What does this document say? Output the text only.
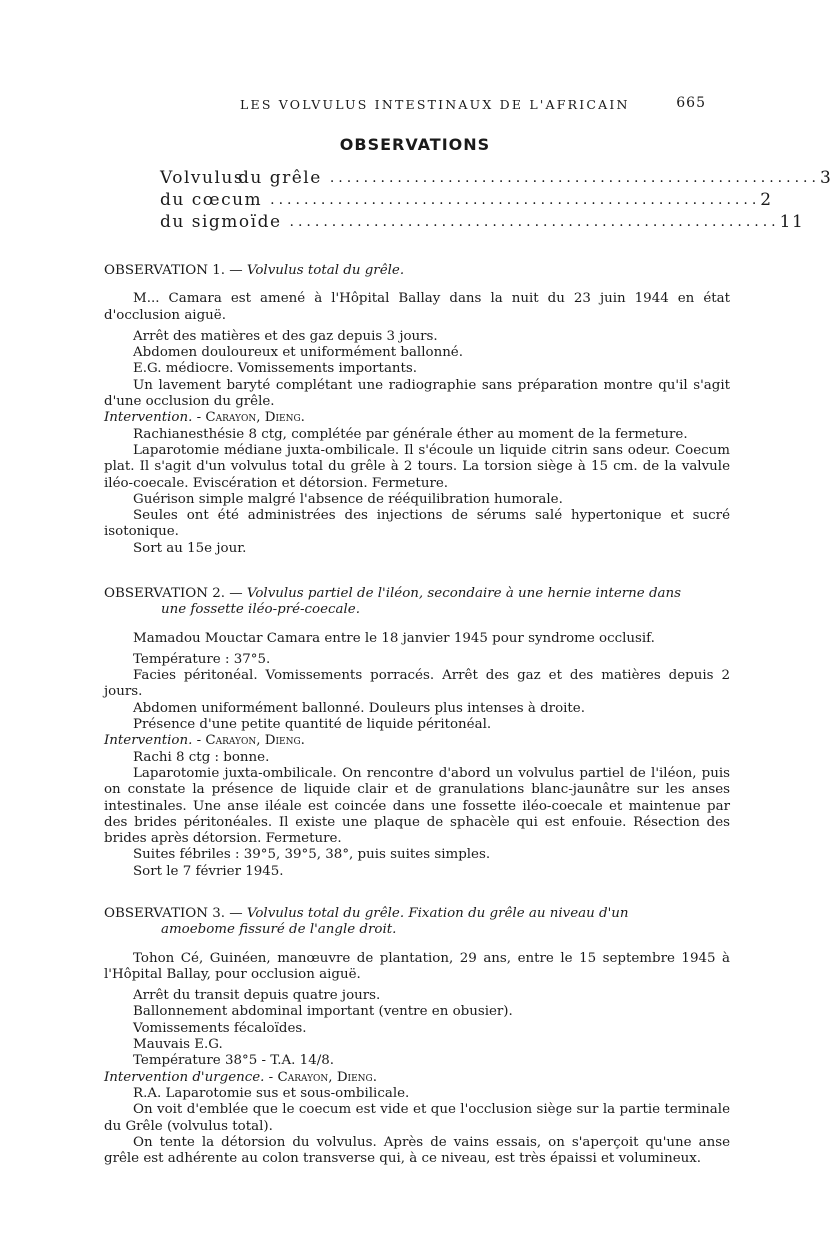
LES VOLVULUS INTESTINAUX DE L'AFRICAIN	665
OBSERVATIONS
Volvulus
du grêle .......................................................... 3
du cœcum .......................................................... 2
du sigmoïde .......................................................... 11

OBSERVATION 1. — Volvulus total du grêle.

M... Camara est amené à l'Hôpital Ballay dans la nuit du 23 juin 1944 en état d'occlusion aiguë.

Arrêt des matières et des gaz depuis 3 jours.

Abdomen douloureux et uniformément ballonné.

E.G. médiocre. Vomissements importants.

Un lavement baryté complétant une radiographie sans préparation montre qu'il s'agit d'une occlusion du grêle.

Intervention. - Carayon, Dieng.

Rachianesthésie 8 ctg, complétée par générale éther au moment de la fermeture.

Laparotomie médiane juxta-ombilicale. Il s'écoule un liquide citrin sans odeur. Coecum plat. Il s'agit d'un volvulus total du grêle à 2 tours. La torsion siège à 15 cm. de la valvule iléo-coecale. Eviscération et détorsion. Fermeture.

Guérison simple malgré l'absence de rééquilibration humorale.

Seules ont été administrées des injections de sérums salé hypertonique et sucré isotonique.

Sort au 15e jour.

OBSERVATION 2. — Volvulus partiel de l'iléon, secondaire à une hernie interne dans

une fossette iléo-pré-coecale.

Mamadou Mouctar Camara entre le 18 janvier 1945 pour syndrome occlusif.

Température : 37°5.

Facies péritonéal. Vomissements porracés. Arrêt des gaz et des matières depuis 2 jours.

Abdomen uniformément ballonné. Douleurs plus intenses à droite.

Présence d'une petite quantité de liquide péritonéal.

Intervention. - Carayon, Dieng.

Rachi 8 ctg : bonne.

Laparotomie juxta-ombilicale. On rencontre d'abord un volvulus partiel de l'iléon, puis on constate la présence de liquide clair et de granulations blanc-jaunâtre sur les anses intestinales. Une anse iléale est coincée dans une fossette iléo-coecale et maintenue par des brides péritonéales. Il existe une plaque de sphacèle qui est enfouie. Résection des brides après détorsion. Fermeture.

Suites fébriles : 39°5, 39°5, 38°, puis suites simples.

Sort le 7 février 1945.

OBSERVATION 3. — Volvulus total du grêle. Fixation du grêle au niveau d'un

amoebome fissuré de l'angle droit.

Tohon Cé, Guinéen, manœuvre de plantation, 29 ans, entre le 15 septembre 1945 à l'Hôpital Ballay, pour occlusion aiguë.

Arrêt du transit depuis quatre jours.

Ballonnement abdominal important (ventre en obusier).

Vomissements fécaloïdes.

Mauvais E.G.

Température 38°5 - T.A. 14/8.

Intervention d'urgence. - Carayon, Dieng.

R.A. Laparotomie sus et sous-ombilicale.

On voit d'emblée que le coecum est vide et que l'occlusion siège sur la partie terminale du Grêle (volvulus total).

On tente la détorsion du volvulus. Après de vains essais, on s'aperçoit qu'une anse grêle est adhérente au colon transverse qui, à ce niveau, est très épaissi et volumineux.
